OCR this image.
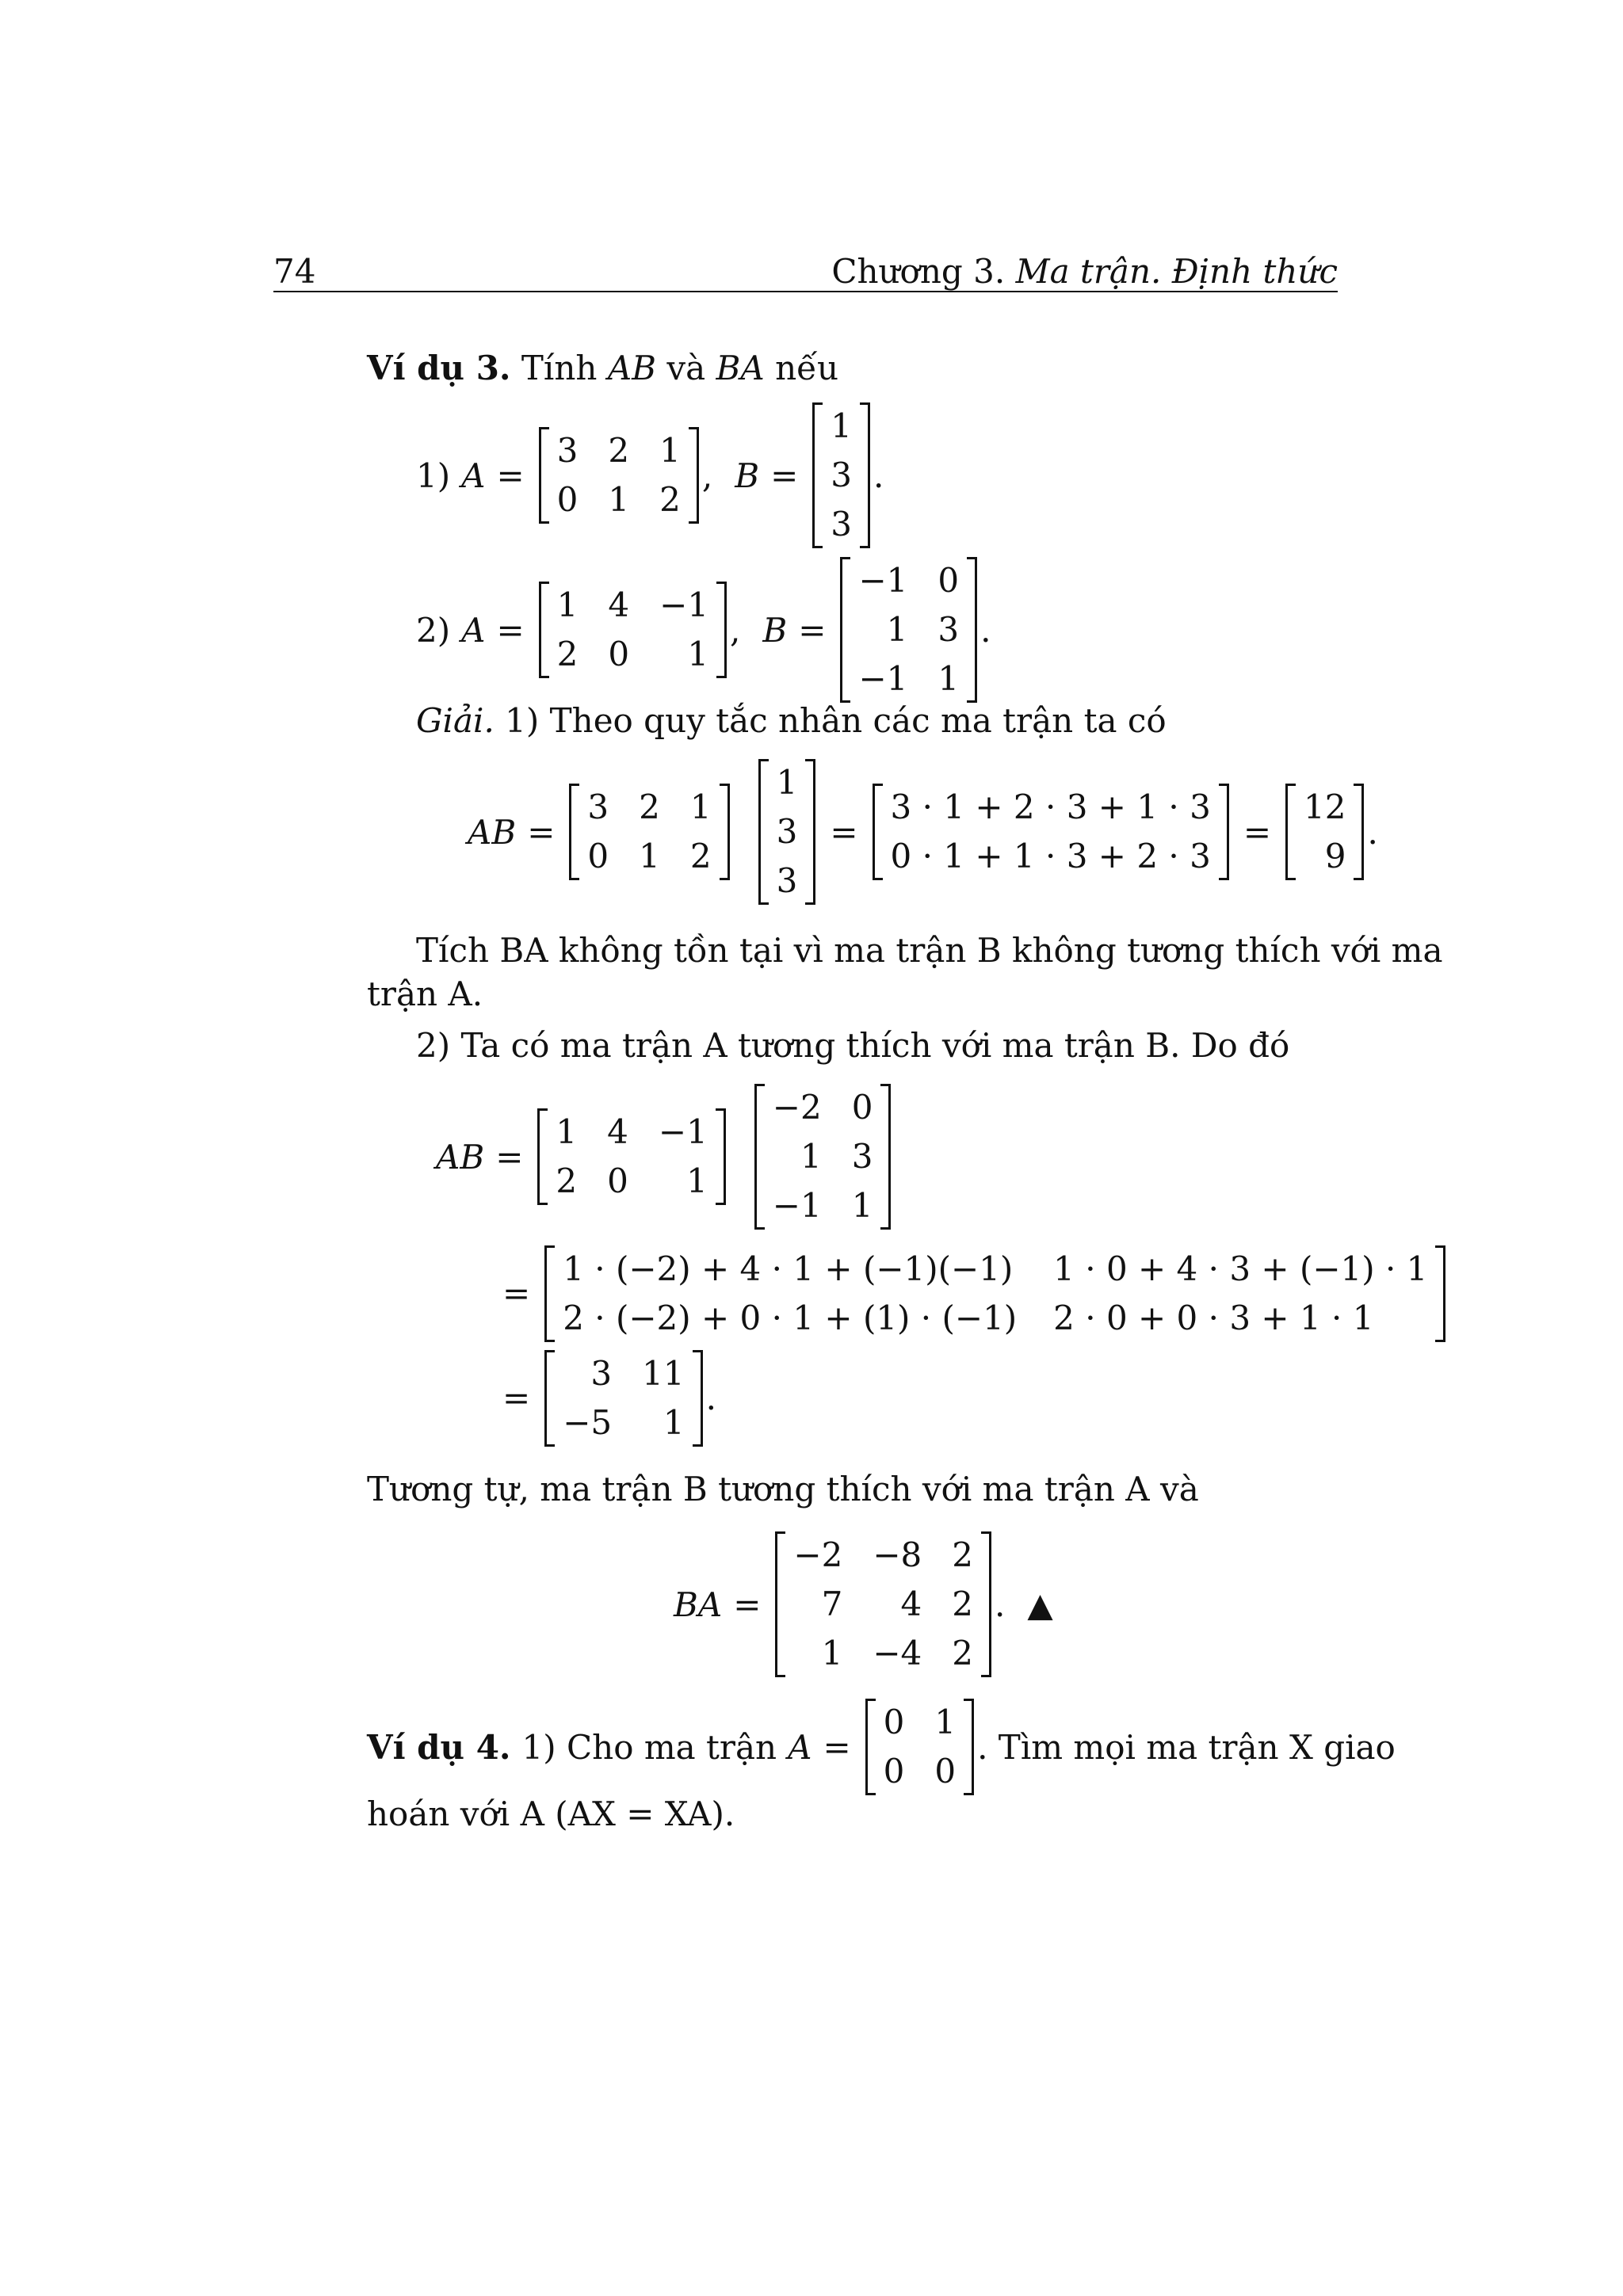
74	Chương 3. Ma trận. Định thức
Ví dụ 3. Tính AB và BA nếu
1) A =
3 2 1
0 1 2
, B =
1
3
3
.
2) A =
1 4 −1
2 0 1
, B =
−1 0
1 3
−1 1
.
Giải. 1) Theo quy tắc nhân các ma trận ta có
AB =
3 2 1
0 1 2
1
3
3
=
3 · 1 + 2 · 3 + 1 · 3
0 · 1 + 1 · 3 + 2 · 3
=
12
9
.
Tích BA không tồn tại vì ma trận B không tương thích với ma
trận A.
2) Ta có ma trận A tương thích với ma trận B. Do đó
AB =
1 4 −1
2 0 1
−2 0
1 3
−1 1
=
1 · (−2) + 4 · 1 + (−1)(−1) 1 · 0 + 4 · 3 + (−1) · 1
2 · (−2) + 0 · 1 + (1) · (−1) 2 · 0 + 0 · 3 + 1 · 1
=
3 11
−5 1
.
Tương tự, ma trận B tương thích với ma trận A và
BA =
−2 −8 2
7 4 2
1 −4 2
. ▲
Ví dụ 4. 1) Cho ma trận A =
0 1
0 0
. Tìm mọi ma trận X giao
hoán với A (AX = XA).
